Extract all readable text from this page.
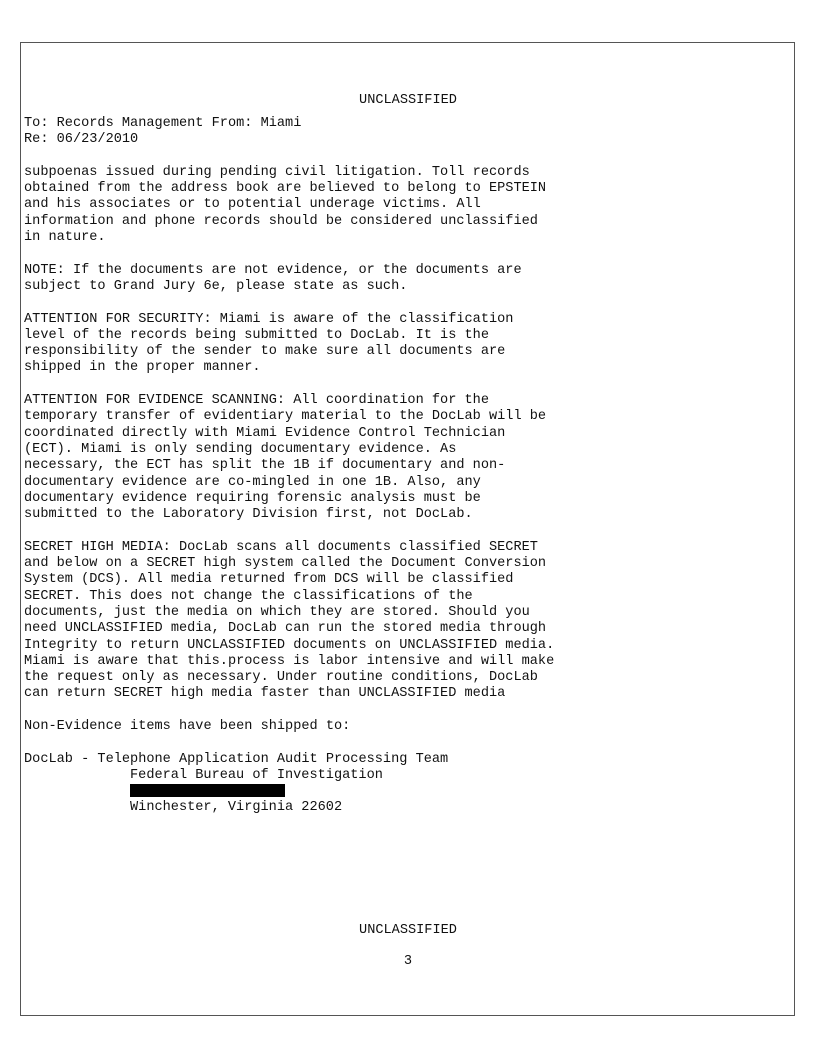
UNCLASSIFIED
To: Records Management From: Miami
Re: 06/23/2010
subpoenas issued during pending civil litigation. Toll records
obtained from the address book are believed to belong to EPSTEIN
and his associates or to potential underage victims. All
information and phone records should be considered unclassified
in nature.
NOTE: If the documents are not evidence, or the documents are
subject to Grand Jury 6e, please state as such.
ATTENTION FOR SECURITY: Miami is aware of the classification
level of the records being submitted to DocLab. It is the
responsibility of the sender to make sure all documents are
shipped in the proper manner.
ATTENTION FOR EVIDENCE SCANNING: All coordination for the
temporary transfer of evidentiary material to the DocLab will be
coordinated directly with Miami Evidence Control Technician
(ECT). Miami is only sending documentary evidence. As
necessary, the ECT has split the 1B if documentary and non-
documentary evidence are co-mingled in one 1B. Also, any
documentary evidence requiring forensic analysis must be
submitted to the Laboratory Division first, not DocLab.
SECRET HIGH MEDIA: DocLab scans all documents classified SECRET
and below on a SECRET high system called the Document Conversion
System (DCS). All media returned from DCS will be classified
SECRET. This does not change the classifications of the
documents, just the media on which they are stored. Should you
need UNCLASSIFIED media, DocLab can run the stored media through
Integrity to return UNCLASSIFIED documents on UNCLASSIFIED media.
Miami is aware that this.process is labor intensive and will make
the request only as necessary. Under routine conditions, DocLab
can return SECRET high media faster than UNCLASSIFIED media
Non-Evidence items have been shipped to:
DocLab - Telephone Application Audit Processing Team
Federal Bureau of Investigation
Winchester, Virginia 22602
UNCLASSIFIED
3
